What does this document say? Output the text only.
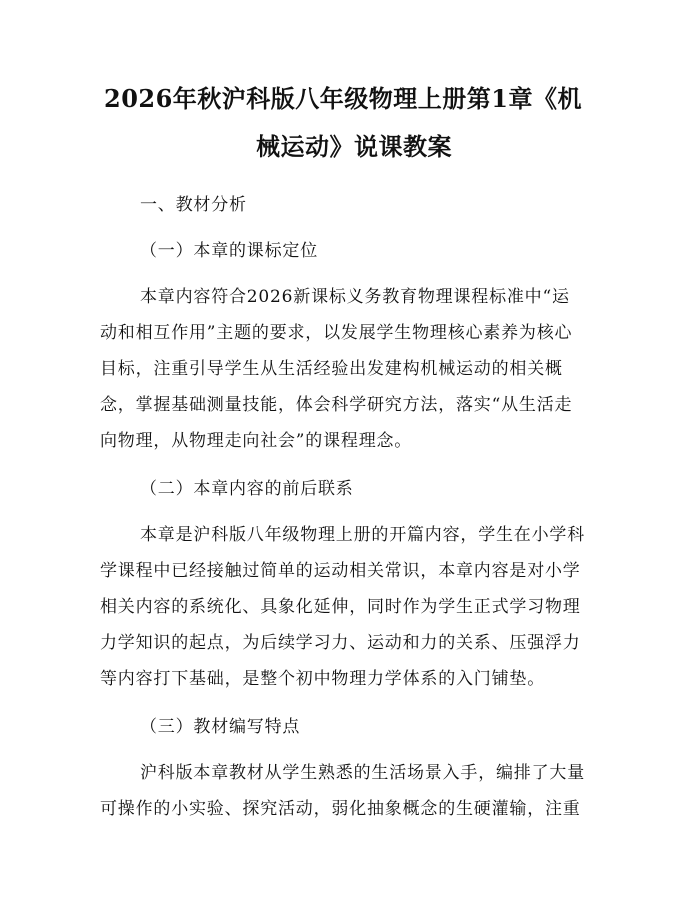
2026年秋沪科版八年级物理上册第1章《机
械运动》说课教案
一、教材分析
（一）本章的课标定位
本章内容符合2026新课标义务教育物理课程标准中“运
动和相互作用”主题的要求，以发展学生物理核心素养为核心
目标，注重引导学生从生活经验出发建构机械运动的相关概
念，掌握基础测量技能，体会科学研究方法，落实“从生活走
向物理，从物理走向社会”的课程理念。
（二）本章内容的前后联系
本章是沪科版八年级物理上册的开篇内容，学生在小学科
学课程中已经接触过简单的运动相关常识，本章内容是对小学
相关内容的系统化、具象化延伸，同时作为学生正式学习物理
力学知识的起点，为后续学习力、运动和力的关系、压强浮力
等内容打下基础，是整个初中物理力学体系的入门铺垫。
（三）教材编写特点
沪科版本章教材从学生熟悉的生活场景入手，编排了大量
可操作的小实验、探究活动，弱化抽象概念的生硬灌输，注重
